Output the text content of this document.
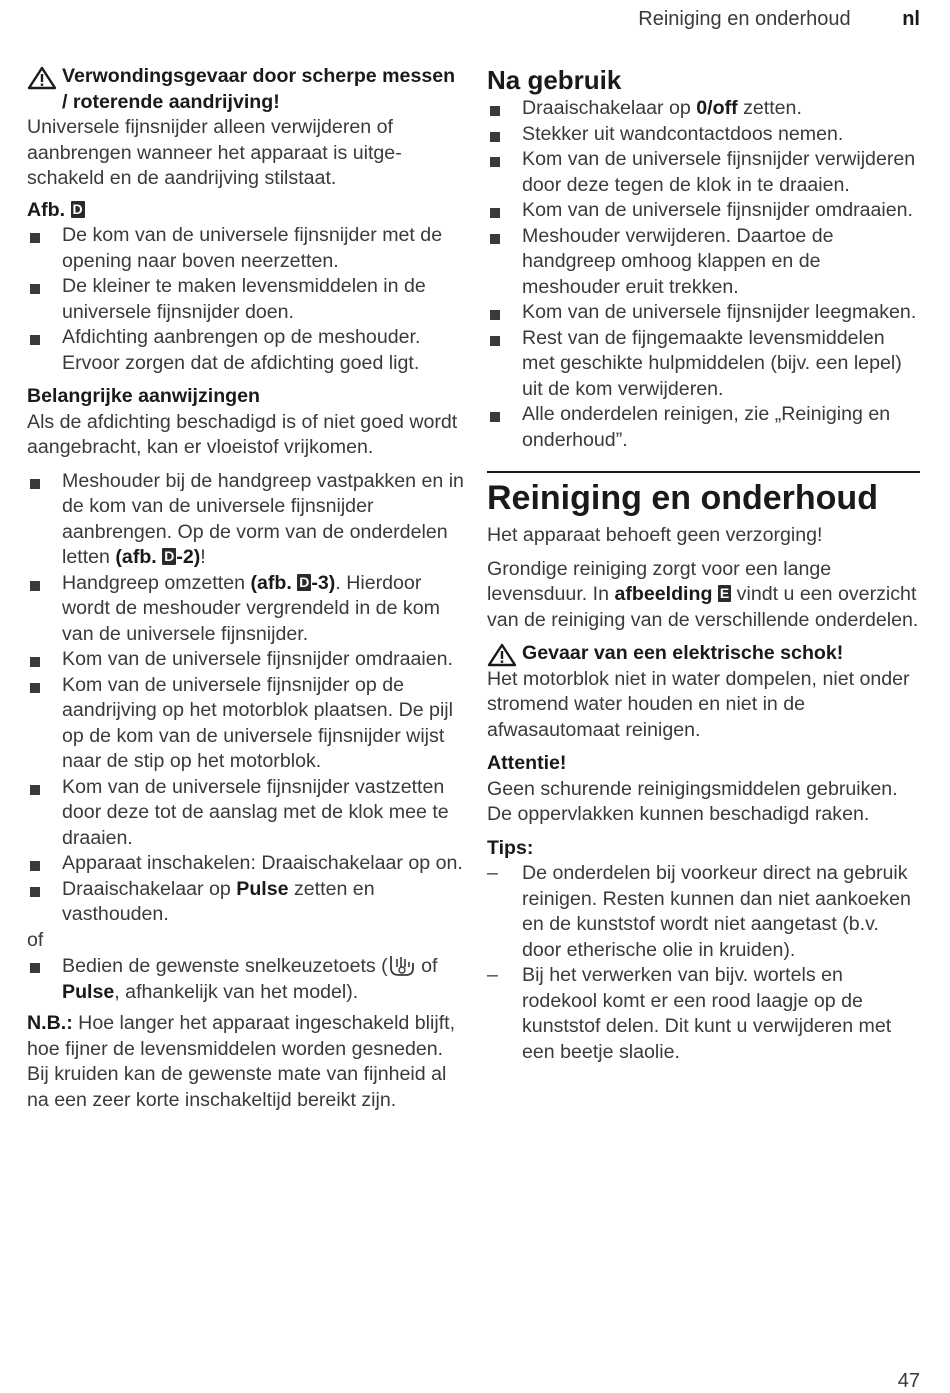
Reiniging en onderhoud	nl
Verwondingsgevaar door scherpe messen / roterende aandrijving!

Universele fijnsnijder alleen verwijderen of aanbrengen wanneer het apparaat is uitgeschakeld en de aandrijving stilstaat.

Afb. D

De kom van de universele fijnsnijder met de opening naar boven neerzetten.
De kleiner te maken levensmiddelen in de universele fijnsnijder doen.
Afdichting aanbrengen op de meshouder. Ervoor zorgen dat de afdichting goed ligt.

Belangrijke aanwijzingen

Als de afdichting beschadigd is of niet goed wordt aangebracht, kan er vloeistof vrijkomen.

Meshouder bij de handgreep vastpakken en in de kom van de universele fijnsnijder aanbrengen. Op de vorm van de onderdelen letten (afb. D -2)!
Handgreep omzetten (afb. D -3). Hierdoor wordt de meshouder vergrendeld in de kom van de universele fijnsnijder.
Kom van de universele fijnsnijder omdraaien.
Kom van de universele fijnsnijder op de aandrijving op het motorblok plaatsen. De pijl op de kom van de universele fijnsnijder wijst naar de stip op het motorblok.
Kom van de universele fijnsnijder vastzetten door deze tot de aanslag met de klok mee te draaien.
Apparaat inschakelen: Draaischakelaar op on.
Draaischakelaar op Pulse zetten en vasthouden.

of

Bedien de gewenste snelkeuzetoets ( of Pulse, afhankelijk van het model).

N.B.: Hoe langer het apparaat ingeschakeld blijft, hoe fijner de levensmiddelen worden gesneden. Bij kruiden kan de gewenste mate van fijnheid al na een zeer korte inschakeltijd bereikt zijn.

Na gebruik

Draaischakelaar op 0/off zetten.
Stekker uit wandcontactdoos nemen.
Kom van de universele fijnsnijder verwijderen door deze tegen de klok in te draaien.
Kom van de universele fijnsnijder omdraaien.
Meshouder verwijderen. Daartoe de handgreep omhoog klappen en de meshouder eruit trekken.
Kom van de universele fijnsnijder leegmaken.
Rest van de fijngemaakte levensmiddelen met geschikte hulpmiddelen (bijv. een lepel) uit de kom verwijderen.
Alle onderdelen reinigen, zie „Reiniging en onderhoud”.

Reiniging en onderhoud

Het apparaat behoeft geen verzorging!

Grondige reiniging zorgt voor een lange levensduur. In afbeelding E vindt u een overzicht van de reiniging van de verschillende onderdelen.

Gevaar van een elektrische schok!

Het motorblok niet in water dompelen, niet onder stromend water houden en niet in de afwasautomaat reinigen.

Attentie!

Geen schurende reinigingsmiddelen gebruiken. De oppervlakken kunnen beschadigd raken.

Tips:

– De onderdelen bij voorkeur direct na gebruik reinigen. Resten kunnen dan niet aankoeken en de kunststof wordt niet aangetast (b.v. door etherische olie in kruiden).
– Bij het verwerken van bijv. wortels en rodekool komt er een rood laagje op de kunststof delen. Dit kunt u verwijderen met een beetje slaolie.
47
